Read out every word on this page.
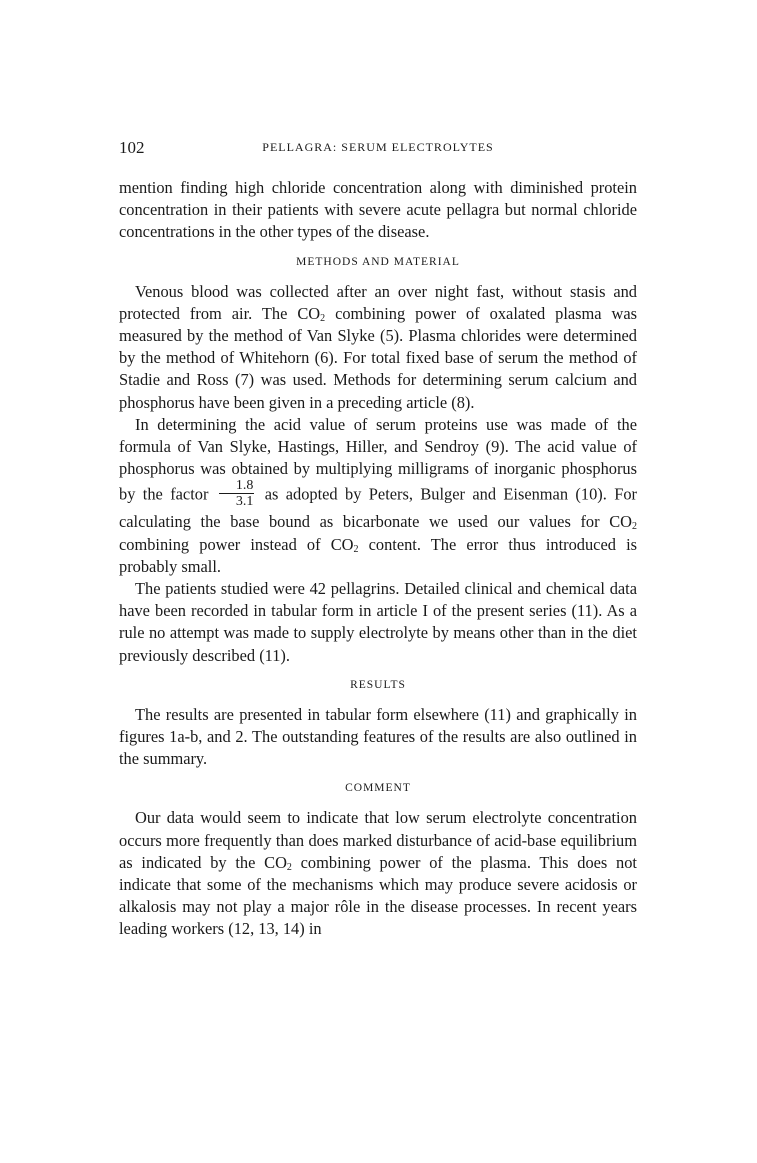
102	PELLAGRA: SERUM ELECTROLYTES

mention finding high chloride concentration along with diminished protein concentration in their patients with severe acute pellagra but normal chloride concentrations in the other types of the disease.

METHODS AND MATERIAL

Venous blood was collected after an over night fast, without stasis and protected from air. The $CO_2$ combining power of oxalated plasma was measured by the method of Van Slyke (5). Plasma chlorides were determined by the method of Whitehorn (6). For total fixed base of serum the method of Stadie and Ross (7) was used. Methods for determining serum calcium and phosphorus have been given in a preceding article (8).

In determining the acid value of serum proteins use was made of the formula of Van Slyke, Hastings, Hiller, and Sendroy (9). The acid value of phosphorus was obtained by multiplying milligrams of inorganic phosphorus by the factor $\frac{1.8}{3.1}$ as adopted by Peters, Bulger and Eisenman (10). For calculating the base bound as bicarbonate we used our values for $CO_2$ combining power instead of $CO_2$ content. The error thus introduced is probably small.

The patients studied were 42 pellagrins. Detailed clinical and chemical data have been recorded in tabular form in article I of the present series (11). As a rule no attempt was made to supply electrolyte by means other than in the diet previously described (11).

RESULTS

The results are presented in tabular form elsewhere (11) and graphically in figures 1a-b, and 2. The outstanding features of the results are also outlined in the summary.

COMMENT

Our data would seem to indicate that low serum electrolyte concentration occurs more frequently than does marked disturbance of acid-base equilibrium as indicated by the $CO_2$ combining power of the plasma. This does not indicate that some of the mechanisms which may produce severe acidosis or alkalosis may not play a major rôle in the disease processes. In recent years leading workers (12, 13, 14) in
